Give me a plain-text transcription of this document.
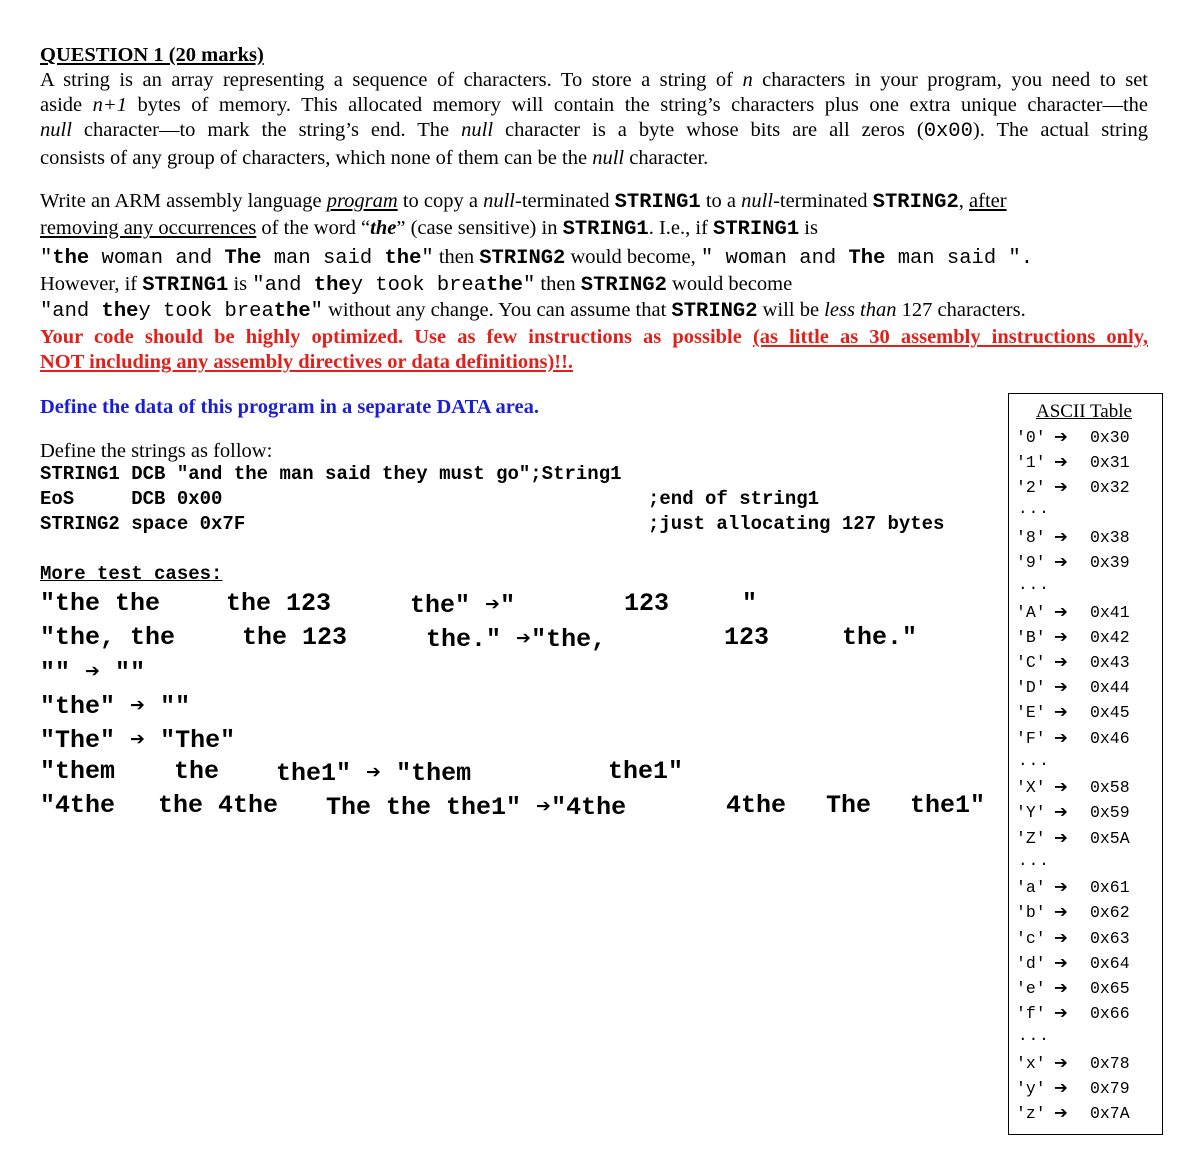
QUESTION 1 (20 marks)
A string is an array representing a sequence of characters. To store a string of n characters in your program, you need to set
aside n+1 bytes of memory. This allocated memory will contain the string’s characters plus one extra unique character—the
null character—to mark the string’s end. The null character is a byte whose bits are all zeros (0x00). The actual string
consists of any group of characters, which none of them can be the null character.
Write an ARM assembly language program to copy a null-terminated STRING1 to a null-terminated STRING2, after
removing any occurrences of the word “the” (case sensitive) in STRING1. I.e., if STRING1 is
"the woman and The man said the" then STRING2 would become, " woman and The man said ".
However, if STRING1 is "and they took breathe" then STRING2 would become
"and they took breathe" without any change. You can assume that STRING2 will be less than 127 characters.
Your code should be highly optimized. Use as few instructions as possible (as little as 30 assembly instructions only,
NOT including any assembly directives or data definitions)!!.
Define the data of this program in a separate DATA area.
Define the strings as follow:
STRING1 DCB "and the man said they must go";String1
EoS     DCB 0x00	;end of string1
STRING2 space 0x7F	;just allocating 127 bytes
More test cases:
"the the	the 123	the" ➔"	123	"
"the, the	the 123	the." ➔"the,	123	the."
"" ➔ ""
"the" ➔ ""
"The" ➔ "The"
"them the the1" ➔ "them	the1"
"4the the 4the The the the1" ➔"4the	4the The the1"
ASCII Table
'0' ➔ 0x30
'1' ➔ 0x31
'2' ➔ 0x32
'8' ➔ 0x38
'9' ➔ 0x39
'A' ➔ 0x41
'B' ➔ 0x42
'C' ➔ 0x43
'D' ➔ 0x44
'E' ➔ 0x45
'F' ➔ 0x46
'X' ➔ 0x58
'Y' ➔ 0x59
'Z' ➔ 0x5A
'a' ➔ 0x61
'b' ➔ 0x62
'c' ➔ 0x63
'd' ➔ 0x64
'e' ➔ 0x65
'f' ➔ 0x66
'x' ➔ 0x78
'y' ➔ 0x79
'z' ➔ 0x7A
...
...
...
...
...
